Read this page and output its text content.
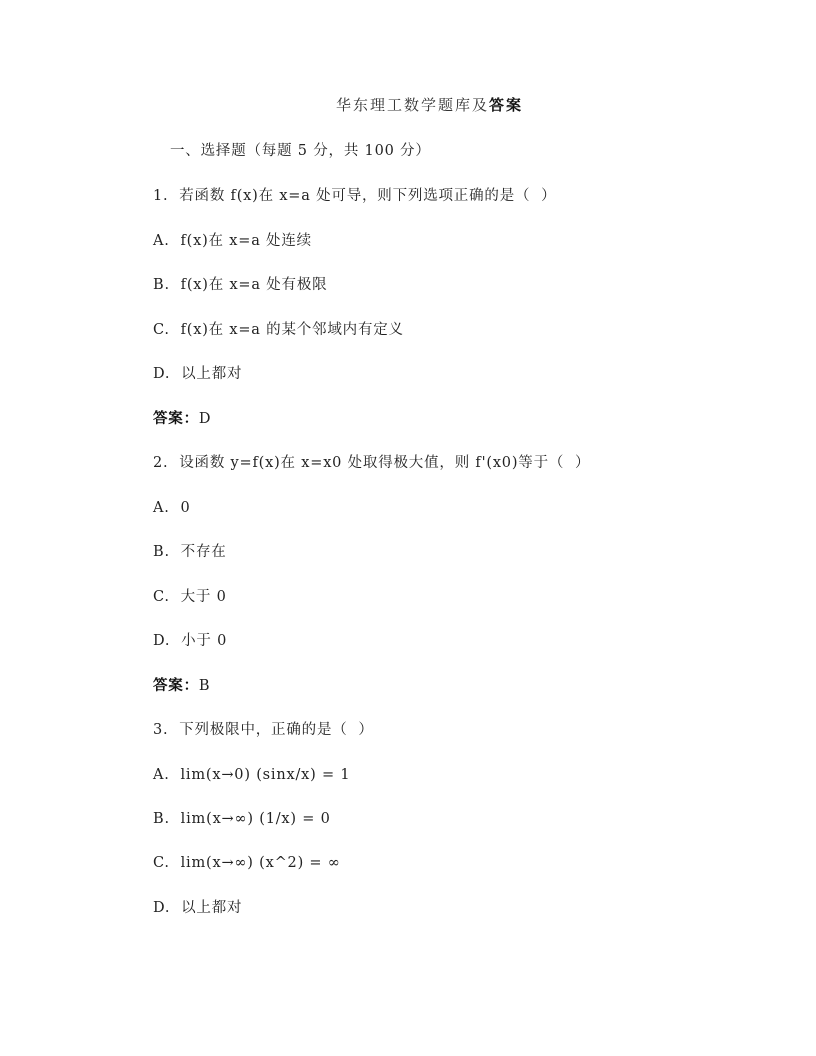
华东理工数学题库及答案
一、选择题（每题 5 分，共 100 分）
1.  若函数 f(x)在 x=a 处可导，则下列选项正确的是（  ）
A.  f(x)在 x=a 处连续
B.  f(x)在 x=a 处有极限
C.  f(x)在 x=a 的某个邻域内有定义
D.  以上都对
答案：D
2.  设函数 y=f(x)在 x=x0 处取得极大值，则 f'(x0)等于（  ）
A.  0
B.  不存在
C.  大于 0
D.  小于 0
答案：B
3.  下列极限中，正确的是（  ）
A.  lim(x→0) (sinx/x) = 1
B.  lim(x→∞) (1/x) = 0
C.  lim(x→∞) (x^2) = ∞
D.  以上都对
